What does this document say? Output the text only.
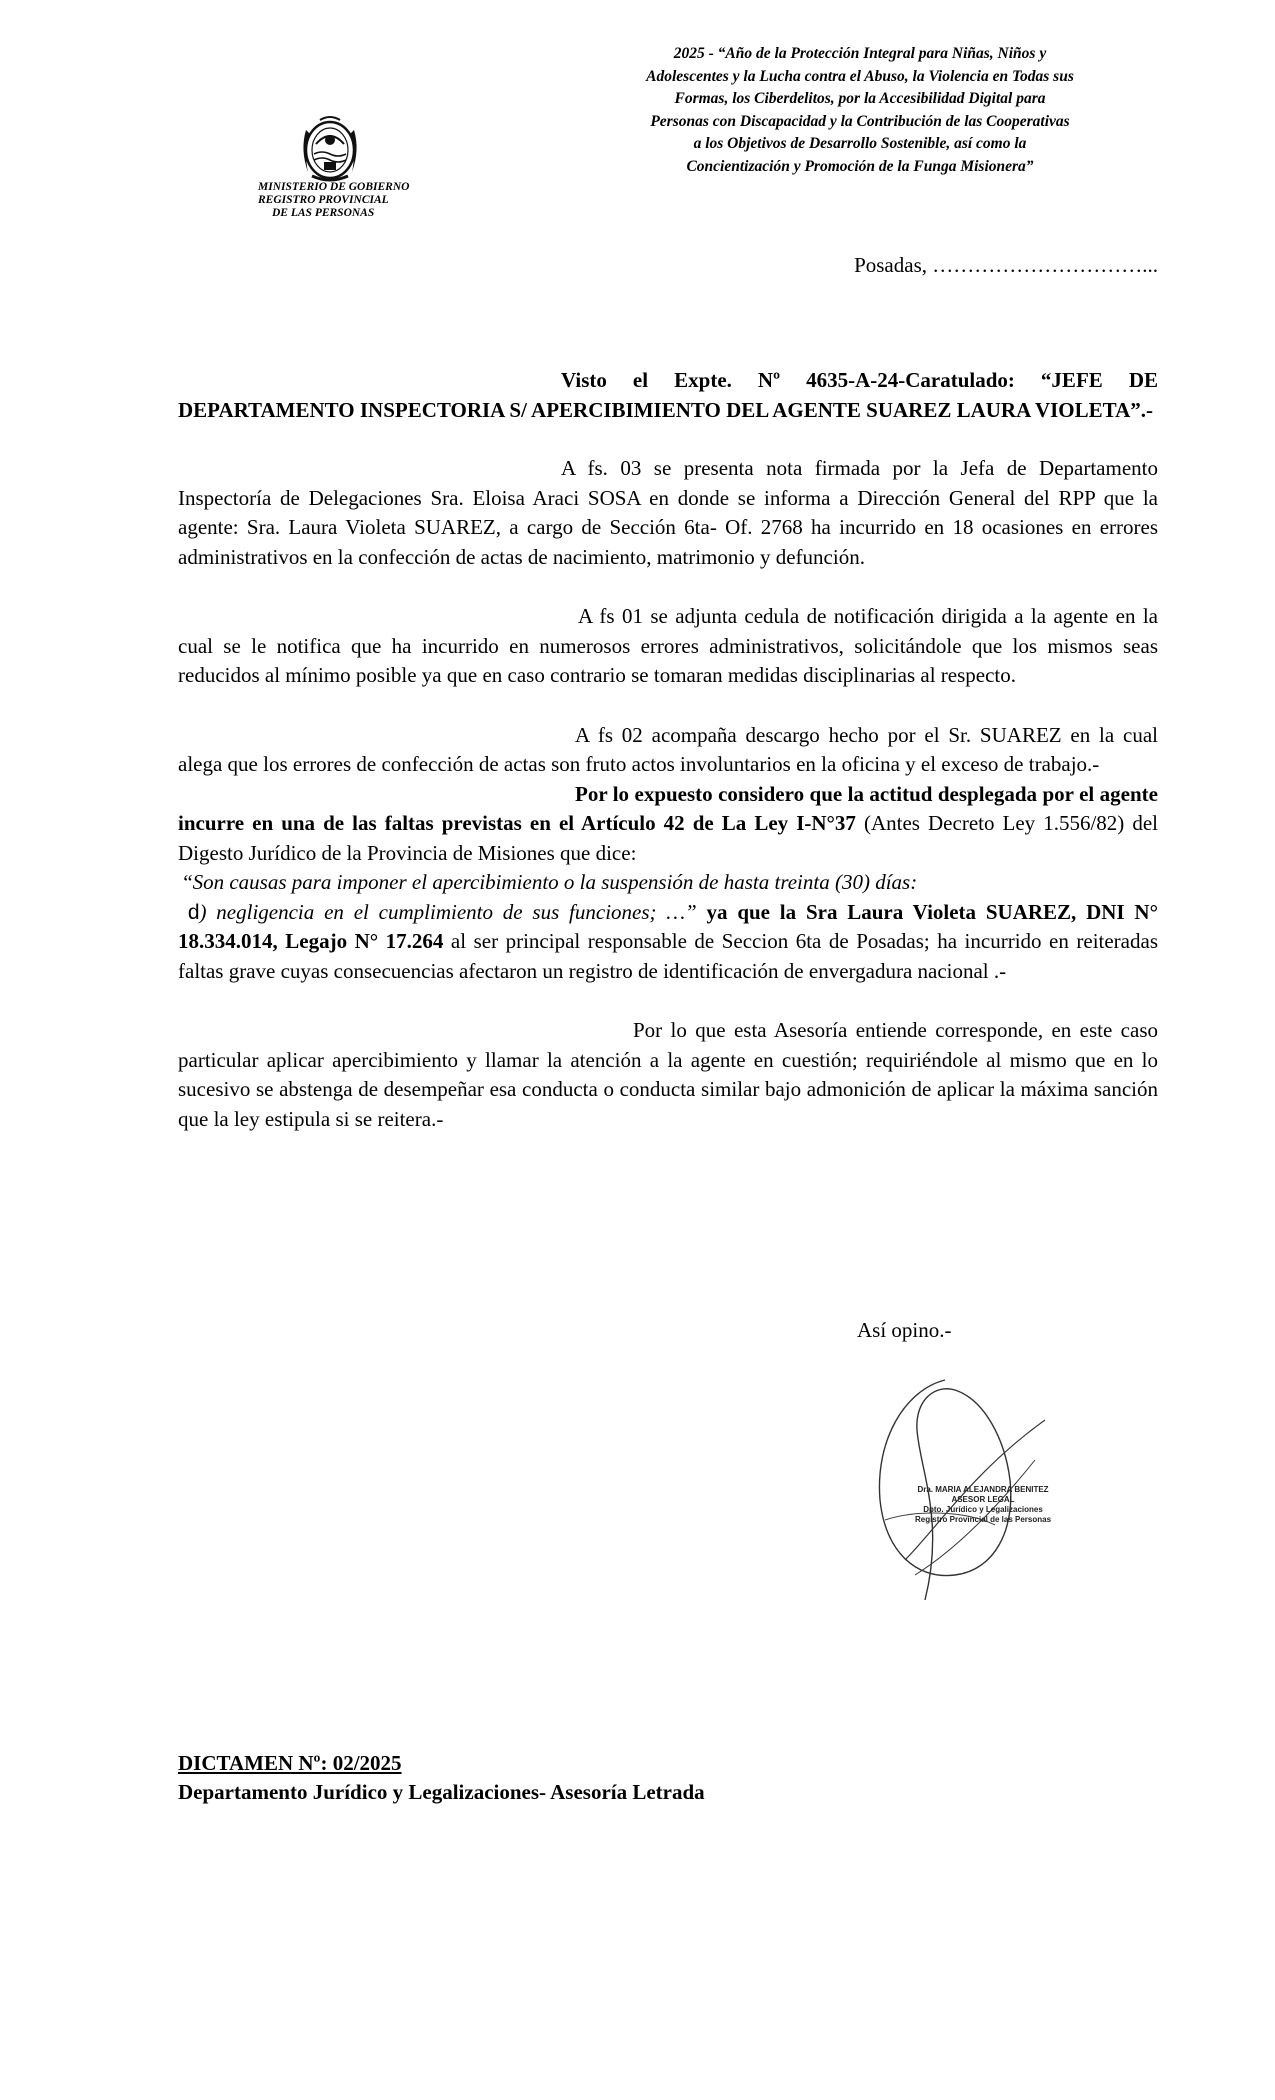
MINISTERIO DE GOBIERNO
REGISTRO PROVINCIAL
DE LAS PERSONAS
2025 - “Año de la Protección Integral para Niñas, Niños y
Adolescentes y la Lucha contra el Abuso, la Violencia en Todas sus
Formas, los Ciberdelitos, por la Accesibilidad Digital para
Personas con Discapacidad y la Contribución de las Cooperativas
a los Objetivos de Desarrollo Sostenible, así como la
Concientización y Promoción de la Funga Misionera”
Posadas, …………………………...

Visto el Expte. Nº 4635-A-24-Caratulado: “JEFE DE DEPARTAMENTO INSPECTORIA S/ APERCIBIMIENTO DEL AGENTE SUAREZ LAURA VIOLETA”.-

A fs. 03 se presenta nota firmada por la Jefa de Departamento Inspectoría de Delegaciones Sra. Eloisa Araci SOSA en donde se informa a Dirección General del RPP que la agente: Sra. Laura Violeta SUAREZ, a cargo de Sección 6ta- Of. 2768 ha incurrido en 18 ocasiones en errores administrativos en la confección de actas de nacimiento, matrimonio y defunción.

A fs 01 se adjunta cedula de notificación dirigida a la agente en la cual se le notifica que ha incurrido en numerosos errores administrativos, solicitándole que los mismos seas reducidos al mínimo posible ya que en caso contrario se tomaran medidas disciplinarias al respecto.

A fs 02 acompaña descargo hecho por el Sr. SUAREZ en la cual alega que los errores de confección de actas son fruto actos involuntarios en la oficina y el exceso de trabajo.-

Por lo expuesto considero que la actitud desplegada por el agente incurre en una de las faltas previstas en el Artículo 42 de La Ley I-N°37 (Antes Decreto Ley 1.556/82) del Digesto Jurídico de la Provincia de Misiones que dice:
“Son causas para imponer el apercibimiento o la suspensión de hasta treinta (30) días:
d) negligencia en el cumplimiento de sus funciones; …” ya que la Sra Laura Violeta SUAREZ, DNI N° 18.334.014, Legajo N° 17.264 al ser principal responsable de Seccion 6ta de Posadas; ha incurrido en reiteradas faltas grave cuyas consecuencias afectaron un registro de identificación de envergadura nacional .-

Por lo que esta Asesoría entiende corresponde, en este caso particular aplicar apercibimiento y llamar la atención a la agente en cuestión; requiriéndole al mismo que en lo sucesivo se abstenga de desempeñar esa conducta o conducta similar bajo admonición de aplicar la máxima sanción que la ley estipula si se reitera.-

Así opino.-
Dra. MARIA ALEJANDRA BENITEZ
ASESOR LEGAL
Dpto. Jurídico y Legalizaciones
Registro Provincial de las Personas
DICTAMEN Nº: 02/2025
Departamento Jurídico y Legalizaciones- Asesoría Letrada
